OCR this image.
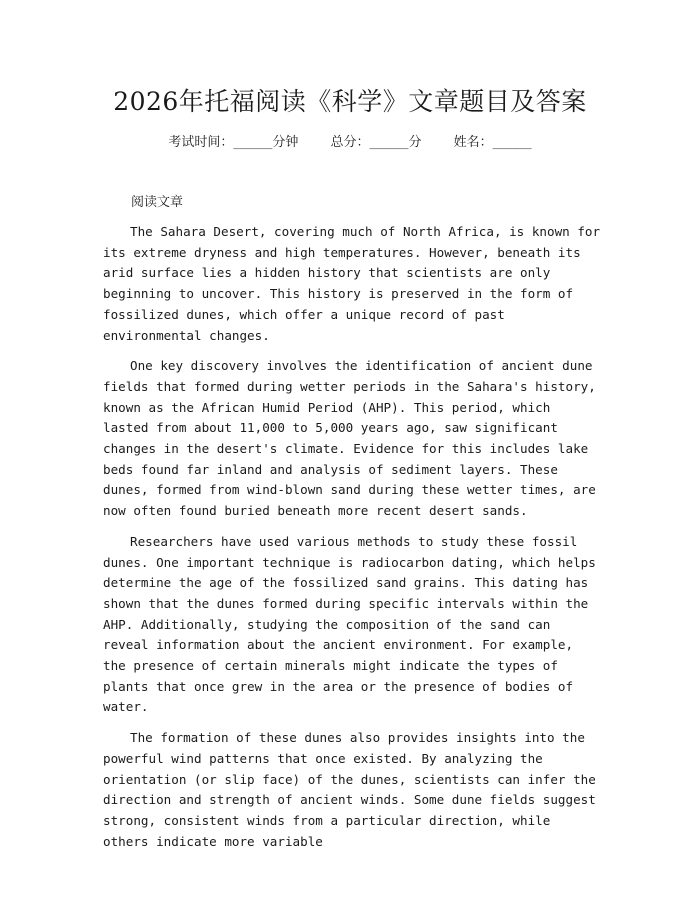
2026年托福阅读《科学》文章题目及答案
考试时间：______分钟 总分：______分 姓名：______
阅读文章

The Sahara Desert, covering much of North Africa, is known for its extreme dryness and high temperatures. However, beneath its arid surface lies a hidden history that scientists are only beginning to uncover. This history is preserved in the form of fossilized dunes, which offer a unique record of past environmental changes.

One key discovery involves the identification of ancient dune fields that formed during wetter periods in the Sahara's history, known as the African Humid Period (AHP). This period, which lasted from about 11,000 to 5,000 years ago, saw significant changes in the desert's climate. Evidence for this includes lake beds found far inland and analysis of sediment layers. These dunes, formed from wind-blown sand during these wetter times, are now often found buried beneath more recent desert sands.

Researchers have used various methods to study these fossil dunes. One important technique is radiocarbon dating, which helps determine the age of the fossilized sand grains. This dating has shown that the dunes formed during specific intervals within the AHP. Additionally, studying the composition of the sand can reveal information about the ancient environment. For example, the presence of certain minerals might indicate the types of plants that once grew in the area or the presence of bodies of water.

The formation of these dunes also provides insights into the powerful wind patterns that once existed. By analyzing the orientation (or slip face) of the dunes, scientists can infer the direction and strength of ancient winds. Some dune fields suggest strong, consistent winds from a particular direction, while others indicate more variable
